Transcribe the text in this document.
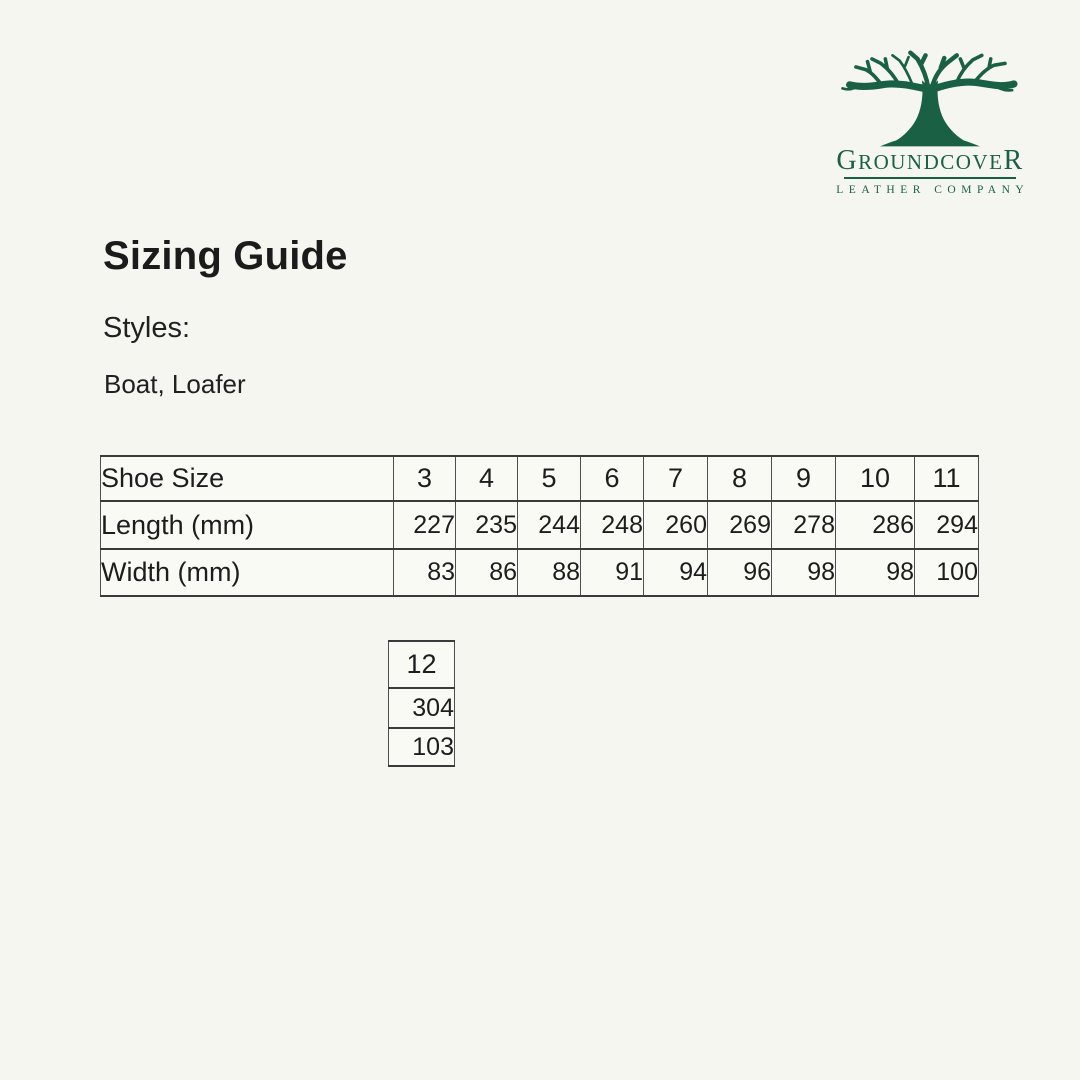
GROUNDCOVER
LEATHER COMPANY
Sizing Guide
Styles:
Boat, Loafer
Shoe Size	3	4	5	6	7	8	9	10	11
Length (mm)	227	235	244	248	260	269	278	286	294
Width (mm)	83	86	88	91	94	96	98	98	100
12
304
103
